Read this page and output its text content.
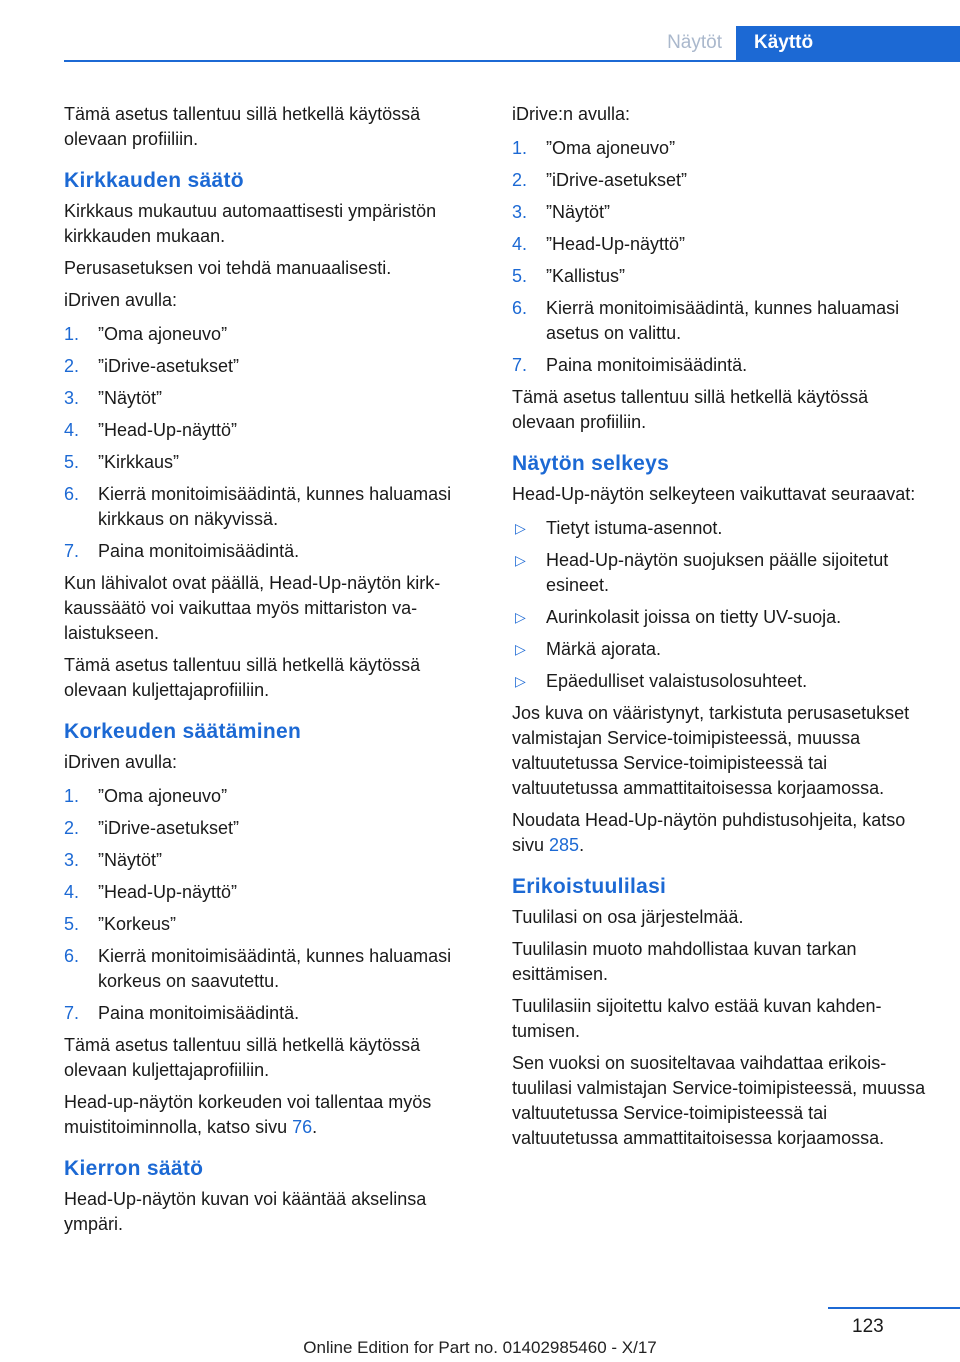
Näytöt	Käyttö

Tämä asetus tallentuu sillä hetkellä käytössä olevaan profiiliin.

Kirkkauden säätö

Kirkkaus mukautuu automaattisesti ympäristön kirkkauden mukaan.

Perusasetuksen voi tehdä manuaalisesti.

iDriven avulla:

1. ”Oma ajoneuvo”
2. ”iDrive-asetukset”
3. ”Näytöt”
4. ”Head-Up-näyttö”
5. ”Kirkkaus”
6. Kierrä monitoimisäädintä, kunnes haluamasi kirkkaus on näkyvissä.
7. Paina monitoimisäädintä.

Kun lähivalot ovat päällä, Head-Up-näytön kirkkaussäätö voi vaikuttaa myös mittariston valaistukseen.

Tämä asetus tallentuu sillä hetkellä käytössä olevaan kuljettajaprofiiliin.

Korkeuden säätäminen

iDriven avulla:

1. ”Oma ajoneuvo”
2. ”iDrive-asetukset”
3. ”Näytöt”
4. ”Head-Up-näyttö”
5. ”Korkeus”
6. Kierrä monitoimisäädintä, kunnes haluamasi korkeus on saavutettu.
7. Paina monitoimisäädintä.

Tämä asetus tallentuu sillä hetkellä käytössä olevaan kuljettajaprofiiliin.

Head-up-näytön korkeuden voi tallentaa myös muistitoiminnolla, katso sivu 76.

Kierron säätö

Head-Up-näytön kuvan voi kääntää akselinsa ympäri.

iDrive:n avulla:

1. ”Oma ajoneuvo”
2. ”iDrive-asetukset”
3. ”Näytöt”
4. ”Head-Up-näyttö”
5. ”Kallistus”
6. Kierrä monitoimisäädintä, kunnes haluamasi asetus on valittu.
7. Paina monitoimisäädintä.

Tämä asetus tallentuu sillä hetkellä käytössä olevaan profiiliin.

Näytön selkeys

Head-Up-näytön selkeyteen vaikuttavat seuraavat:

▷ Tietyt istuma-asennot.
▷ Head-Up-näytön suojuksen päälle sijoitetut esineet.
▷ Aurinkolasit joissa on tietty UV-suoja.
▷ Märkä ajorata.
▷ Epäedulliset valaistusolosuhteet.

Jos kuva on vääristynyt, tarkistuta perusasetukset valmistajan Service-toimipisteessä, muussa valtuutetussa Service-toimipisteessä tai valtuutetussa ammattitaitoisessa korjaamossa.

Noudata Head-Up-näytön puhdistusohjeita, katso sivu 285.

Erikoistuulilasi

Tuulilasi on osa järjestelmää.

Tuulilasin muoto mahdollistaa kuvan tarkan esittämisen.

Tuulilasiin sijoitettu kalvo estää kuvan kahdentumisen.

Sen vuoksi on suositeltavaa vaihdattaa erikoistuulilasi valmistajan Service-toimipisteessä, muussa valtuutetussa Service-toimipisteessä tai valtuutetussa ammattitaitoisessa korjaamossa.

123
Online Edition for Part no. 01402985460 - X/17
